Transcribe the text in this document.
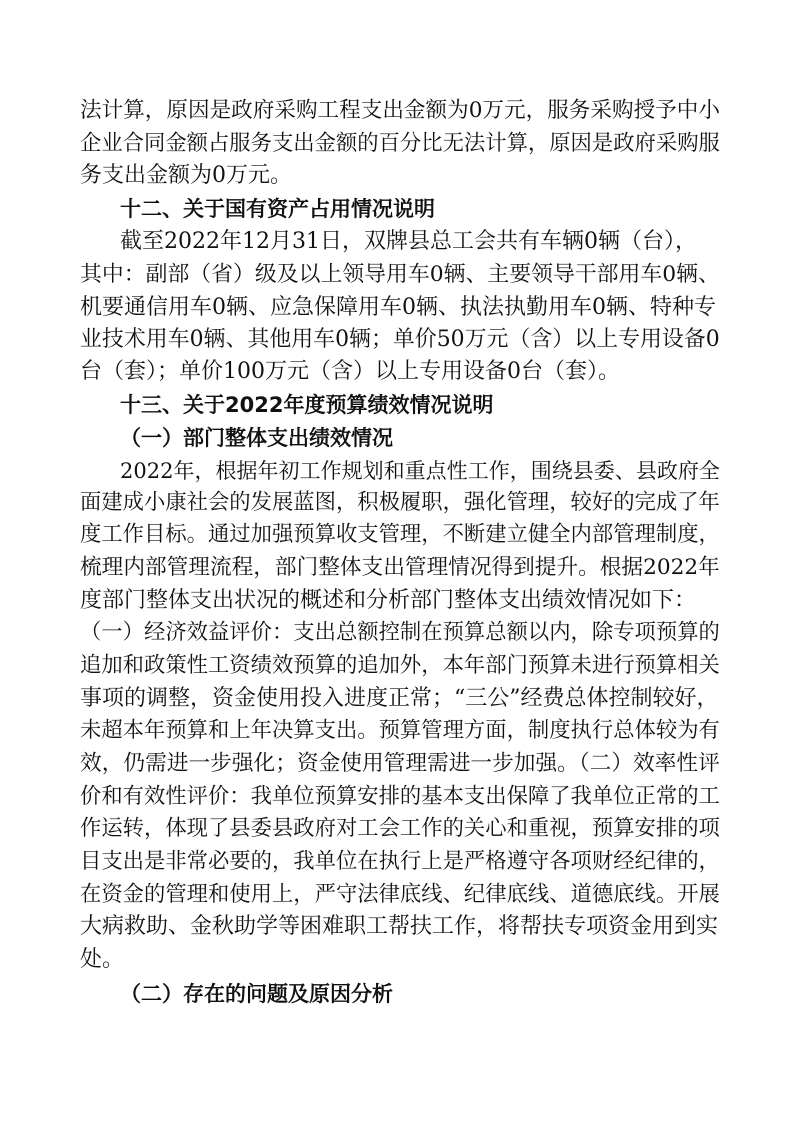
法计算，原因是政府采购工程支出金额为0万元，服务采购授予中小
企业合同金额占服务支出金额的百分比无法计算，原因是政府采购服
务支出金额为0万元。
十二、关于国有资产占用情况说明
截至2022年12月31日，双牌县总工会共有车辆0辆（台），
其中：副部（省）级及以上领导用车0辆、主要领导干部用车0辆、
机要通信用车0辆、应急保障用车0辆、执法执勤用车0辆、特种专
业技术用车0辆、其他用车0辆；单价50万元（含）以上专用设备0
台（套）；单价100万元（含）以上专用设备0台（套）。
十三、关于2022年度预算绩效情况说明
（一）部门整体支出绩效情况
2022年，根据年初工作规划和重点性工作，围绕县委、县政府全
面建成小康社会的发展蓝图，积极履职，强化管理，较好的完成了年
度工作目标。通过加强预算收支管理，不断建立健全内部管理制度，
梳理内部管理流程，部门整体支出管理情况得到提升。根据2022年
度部门整体支出状况的概述和分析部门整体支出绩效情况如下：
（一）经济效益评价：支出总额控制在预算总额以内，除专项预算的
追加和政策性工资绩效预算的追加外，本年部门预算未进行预算相关
事项的调整，资金使用投入进度正常；“三公”经费总体控制较好，
未超本年预算和上年决算支出。预算管理方面，制度执行总体较为有
效，仍需进一步强化；资金使用管理需进一步加强。（二）效率性评
价和有效性评价：我单位预算安排的基本支出保障了我单位正常的工
作运转，体现了县委县政府对工会工作的关心和重视，预算安排的项
目支出是非常必要的，我单位在执行上是严格遵守各项财经纪律的，
在资金的管理和使用上，严守法律底线、纪律底线、道德底线。开展
大病救助、金秋助学等困难职工帮扶工作，将帮扶专项资金用到实
处。
（二）存在的问题及原因分析
